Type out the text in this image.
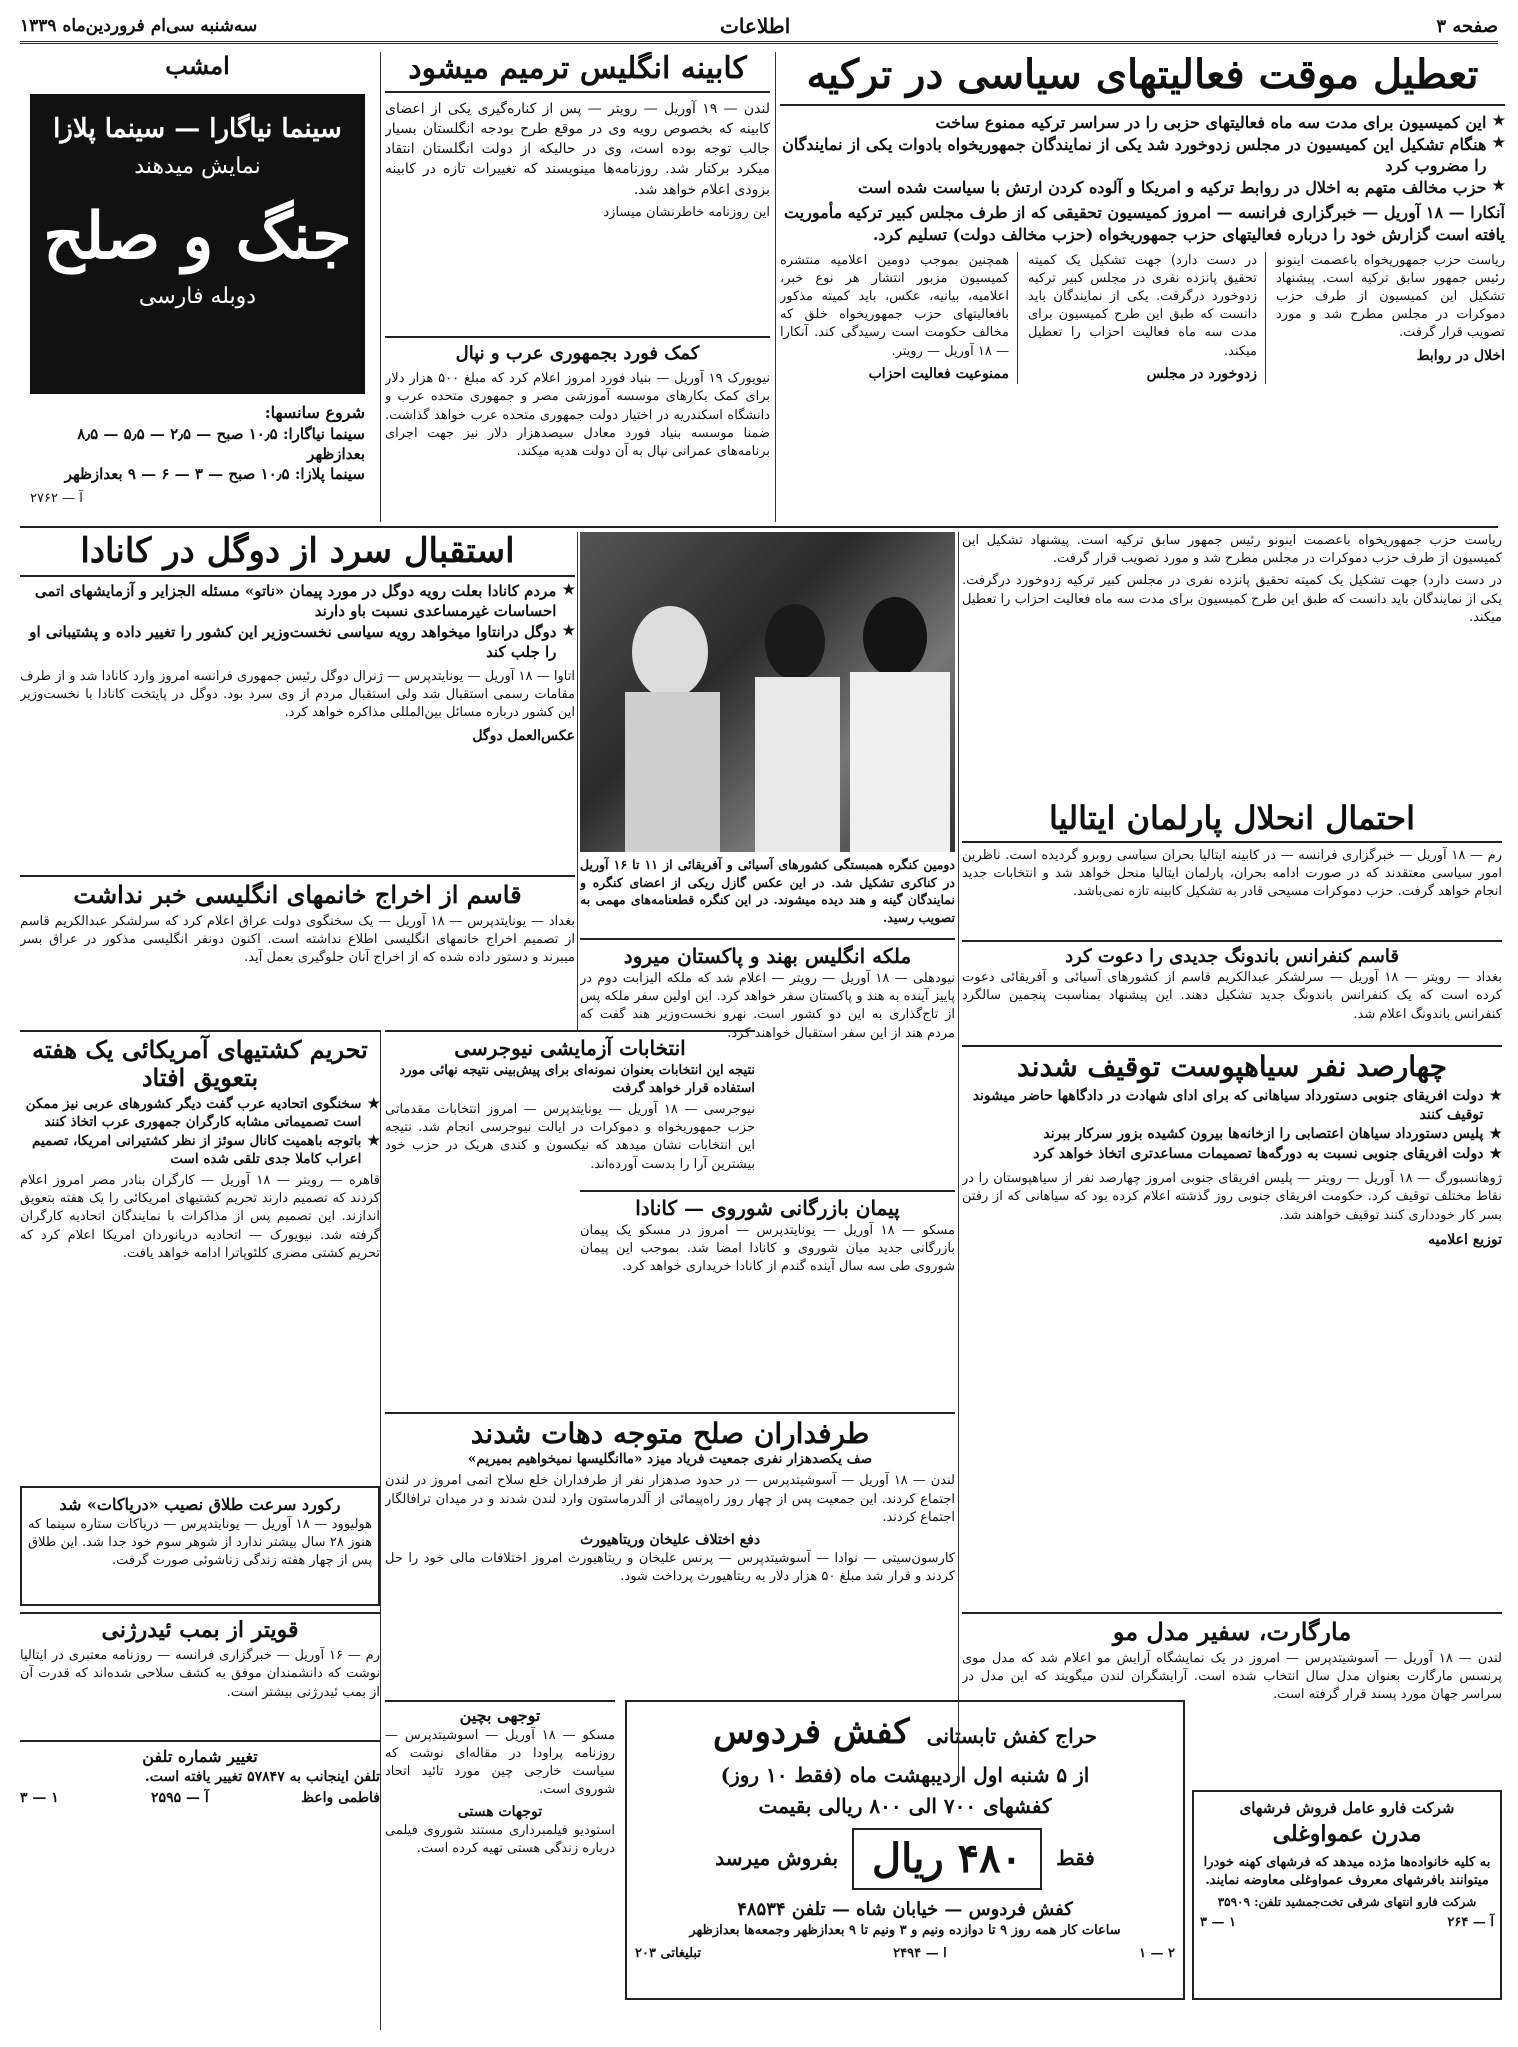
صفحه ۳
اطلاعات
سه‌شنبه سی‌ام فروردین‌ماه ۱۳۳۹
تعطیل موقت فعالیتهای سیاسی در ترکیه
★
این کمیسیون برای مدت سه ماه فعالیتهای حزبی را در سراسر ترکیه ممنوع ساخت
★
هنگام تشکیل این کمیسیون در مجلس زدوخورد شد یکی از نمایندگان جمهوریخواه بادوات یکی از نمایندگان را مضروب کرد
★
حزب مخالف متهم به اخلال در روابط ترکیه و امریکا و آلوده کردن ارتش با سیاست شده است
آنکارا — ۱۸ آوریل — خبرگزاری فرانسه — امروز کمیسیون تحقیقی که از طرف مجلس کبیر ترکیه مأموریت یافته است گزارش خود را درباره فعالیتهای حزب جمهوریخواه (حزب مخالف دولت) تسلیم کرد.
ریاست حزب جمهوریخواه باعصمت اینونو رئیس جمهور سابق ترکیه است. پیشنهاد تشکیل این کمیسیون از طرف حزب دموکرات در مجلس مطرح شد و مورد تصویب قرار گرفت.
اخلال در روابط
در دست دارد) جهت تشکیل یک کمیته تحقیق پانزده نفری در مجلس کبیر ترکیه زدوخورد درگرفت. یکی از نمایندگان باید دانست که طبق این طرح کمیسیون برای مدت سه ماه فعالیت احزاب را تعطیل میکند.
زدوخورد در مجلس
همچنین بموجب دومین اعلامیه منتشره کمیسیون مزبور انتشار هر نوع خبر، اعلامیه، بیانیه، عکس، باید کمیته مذکور بافعالیتهای حزب جمهوریخواه خلق که مخالف حکومت است رسیدگی کند. آنکارا — ۱۸ آوریل — رویتر.
ممنوعیت فعالیت احزاب
کابینه انگلیس ترمیم میشود
لندن — ۱۹ آوریل — رویتر — پس از کناره‌گیری یکی از اعضای کابینه که بخصوص رویه وی در موقع طرح بودجه انگلستان بسیار جالب توجه بوده است، وی در حالیکه از دولت انگلستان انتقاد میکرد برکنار شد. روزنامه‌ها مینویسند که تغییرات تازه در کابینه بزودی اعلام خواهد شد.
این روزنامه خاطرنشان میسازد
کمک فورد بجمهوری عرب و نپال
نیویورک ۱۹ آوریل — بنیاد فورد امروز اعلام کرد که مبلغ ۵۰۰ هزار دلار برای کمک بکارهای موسسه آموزشی مصر و جمهوری متحده عرب و دانشگاه اسکندریه در اختیار دولت جمهوری متحده عرب خواهد گذاشت. ضمنا موسسه بنیاد فورد معادل سیصدهزار دلار نیز جهت اجرای برنامه‌های عمرانی نپال به آن دولت هدیه میکند.
امشب
سینما نیاگارا — سینما پلازا
نمایش میدهند
جنگ و صلح
دوبله فارسی
شروع سانسها:
سینما نیاگارا: ۱۰٫۵ صبح — ۲٫۵ — ۵٫۵ — ۸٫۵ بعدازظهر
سینما پلازا: ۱۰٫۵ صبح — ۳ — ۶ — ۹ بعدازظهر
آ — ۲۷۶۲
استقبال سرد از دوگل در کانادا
★
مردم کانادا بعلت رویه دوگل در مورد پیمان «ناتو» مسئله الجزایر و آزمایشهای اتمی احساسات غیرمساعدی نسبت باو دارند
★
دوگل درانتاوا میخواهد رویه سیاسی نخست‌وزیر این کشور را تغییر داده و پشتیبانی او را جلب کند
اتاوا — ۱۸ آوریل — یونایتدپرس — ژنرال دوگل رئیس جمهوری فرانسه امروز وارد کانادا شد و از طرف مقامات رسمی استقبال شد ولی استقبال مردم از وی سرد بود. دوگل در پایتخت کانادا با نخست‌وزیر این کشور درباره مسائل بین‌المللی مذاکره خواهد کرد.
عکس‌العمل دوگل
دومین کنگره همبستگی کشورهای آسیائی و آفریقائی از ۱۱ تا ۱۶ آوریل در کناکری تشکیل شد. در این عکس گازل ریکی از اعضای کنگره و نمایندگان گینه و هند دیده میشوند. در این کنگره قطعنامه‌های مهمی به تصویب رسید.
احتمال انحلال پارلمان ایتالیا
رم — ۱۸ آوریل — خبرگزاری فرانسه — در کابینه ایتالیا بحران سیاسی روبرو گردیده است. ناظرین امور سیاسی معتقدند که در صورت ادامه بحران، پارلمان ایتالیا منحل خواهد شد و انتخابات جدید انجام خواهد گرفت. حزب دموکرات مسیحی قادر به تشکیل کابینه تازه نمی‌باشد.
ریاست حزب جمهوریخواه باعصمت اینونو رئیس جمهور سابق ترکیه است. پیشنهاد تشکیل این کمیسیون از طرف حزب دموکرات در مجلس مطرح شد و مورد تصویب قرار گرفت.
در دست دارد) جهت تشکیل یک کمیته تحقیق پانزده نفری در مجلس کبیر ترکیه زدوخورد درگرفت. یکی از نمایندگان باید دانست که طبق این طرح کمیسیون برای مدت سه ماه فعالیت احزاب را تعطیل میکند.
قاسم کنفرانس باندونگ جدیدی را دعوت کرد
بغداد — رویتر — ۱۸ آوریل — سرلشکر عبدالکریم قاسم از کشورهای آسیائی و آفریقائی دعوت کرده است که یک کنفرانس باندونگ جدید تشکیل دهند. این پیشنهاد بمناسبت پنجمین سالگرد کنفرانس باندونگ اعلام شد.
قاسم از اخراج خانمهای انگلیسی خبر نداشت
بغداد — یونایتدپرس — ۱۸ آوریل — یک سخنگوی دولت عراق اعلام کرد که سرلشکر عبدالکریم قاسم از تصمیم اخراج خانمهای انگلیسی اطلاع نداشته است. اکنون دونفر انگلیسی مذکور در عراق بسر میبرند و دستور داده شده که از اخراج آنان جلوگیری بعمل آید.	ملکه انگلیس بهند و پاکستان میرود
نیودهلی — ۱۸ آوریل — رویتر — اعلام شد که ملکه الیزابت دوم در پاییز آینده به هند و پاکستان سفر خواهد کرد. این اولین سفر ملکه پس از تاج‌گذاری به این دو کشور است. نهرو نخست‌وزیر هند گفت که مردم هند از این سفر استقبال خواهند کرد.
انتخابات آزمایشی نیوجرسی
نتیجه این انتخابات بعنوان نمونه‌ای برای پیش‌بینی نتیجه نهائی مورد استفاده قرار خواهد گرفت
نیوجرسی — ۱۸ آوریل — یونایتدپرس — امروز انتخابات مقدماتی حزب جمهوریخواه و دموکرات در ایالت نیوجرسی انجام شد. نتیجه این انتخابات نشان میدهد که نیکسون و کندی هریک در حزب خود بیشترین آرا را بدست آورده‌اند.
تحریم کشتیهای آمریکائی یک هفته بتعویق افتاد
★
سخنگوی اتحادیه عرب گفت دیگر کشورهای عربی نیز ممکن است تصمیماتی مشابه کارگران جمهوری عرب اتخاذ کنند
★
باتوجه باهمیت کانال سوئز از نظر کشتیرانی امریکا، تصمیم اعراب کاملا جدی تلقی شده است
قاهره — رویتر — ۱۸ آوریل — کارگران بنادر مصر امروز اعلام کردند که تصمیم دارند تحریم کشتیهای امریکائی را یک هفته بتعویق اندازند. این تصمیم پس از مذاکرات با نمایندگان اتحادیه کارگران گرفته شد. نیویورک — اتحادیه دریانوردان امریکا اعلام کرد که تحریم کشتی مصری کلئوپاترا ادامه خواهد یافت.
چهارصد نفر سیاهپوست توقیف شدند
★
دولت افریقای جنوبی دستورداد سیاهانی که برای ادای شهادت در دادگاهها حاضر میشوند توقیف کنند
★
پلیس دستورداد سیاهان اعتصابی را ازخانه‌ها بیرون کشیده بزور سرکار ببرند
★
دولت افریقای جنوبی نسبت به دورگه‌ها تصمیمات مساعدتری اتخاذ خواهد کرد
ژوهانسبورگ — ۱۸ آوریل — رویتر — پلیس افریقای جنوبی امروز چهارصد نفر از سیاهپوستان را در نقاط مختلف توقیف کرد. حکومت افریقای جنوبی روز گذشته اعلام کرده بود که سیاهانی که از رفتن بسر کار خودداری کنند توقیف خواهند شد.
توزیع اعلامیه
پیمان بازرگانی شوروی — کانادا
مسکو — ۱۸ آوریل — یونایتدپرس — امروز در مسکو یک پیمان بازرگانی جدید میان شوروی و کانادا امضا شد. بموجب این پیمان شوروی طی سه سال آینده گندم از کانادا خریداری خواهد کرد.
طرفداران صلح متوجه دهات شدند
صف یکصدهزار نفری جمعیت فریاد میزد «ماانگلیسها نمیخواهیم بمیریم»
لندن — ۱۸ آوریل — آسوشیتدپرس — در حدود صدهزار نفر از طرفداران خلع سلاح اتمی امروز در لندن اجتماع کردند. این جمعیت پس از چهار روز راه‌پیمائی از آلدرماستون وارد لندن شدند و در میدان ترافالگار اجتماع کردند.
دفع اختلاف علیخان وریتاهیورث
کارسون‌سیتی — نوادا — آسوشیتدپرس — پرنس علیخان و ریتاهیورث امروز اختلافات مالی خود را حل کردند و قرار شد مبلغ ۵۰ هزار دلار به ریتاهیورث پرداخت شود.
مارگارت، سفیر مدل مو
لندن — ۱۸ آوریل — آسوشیتدپرس — امروز در یک نمایشگاه آرایش مو اعلام شد که مدل موی پرنسس مارگارت بعنوان مدل سال انتخاب شده است. آرایشگران لندن میگویند که این مدل در سراسر جهان مورد پسند قرار گرفته است.
رکورد سرعت طلاق نصیب «دریاکات» شد
هولیوود — ۱۸ آوریل — یونایتدپرس — دریاکات ستاره سینما که هنوز ۲۸ سال بیشتر ندارد از شوهر سوم خود جدا شد. این طلاق پس از چهار هفته زندگی زناشوئی صورت گرفت.
قویتر از بمب ئیدرژنی
رم — ۱۶ آوریل — خبرگزاری فرانسه — روزنامه معتبری در ایتالیا نوشت که دانشمندان موفق به کشف سلاحی شده‌اند که قدرت آن از بمب ئیدرژنی بیشتر است.
تغییر شماره تلفن
تلفن اینجانب به ۵۷۸۴۷ تغییر یافته است.
فاطمی واعظ
آ — ۲۵۹۵
۱ — ۳
توجهی بچین
مسکو — ۱۸ آوریل — اسوشیتدپرس — روزنامه پراودا در مقاله‌ای نوشت که سیاست خارجی چین مورد تائید اتحاد شوروی است.
توجهات هستی
استودیو فیلمبرداری مستند شوروی فیلمی درباره زندگی هستی تهیه کرده است.
حراج کفش تابستانی کفش فردوس
از ۵ شنبه اول اردیبهشت ماه (فقط ۱۰ روز)
کفشهای ۷۰۰ الی ۸۰۰ ریالی بقیمت
فقط
۴۸۰ ریال
بفروش میرسد
کفش فردوس — خیابان شاه — تلفن ۴۸۵۳۴
ساعات کار همه روز ۹ تا دوازده ونیم و ۳ ونیم تا ۹ بعدازظهر وجمعه‌ها بعدازظهر
۲ — ۱
ا — ۲۴۹۴
تبلیغاتی ۲۰۳
شرکت فارو عامل فروش فرشهای
مدرن عمواوغلی
به کلیه خانواده‌ها مژده میدهد که فرشهای کهنه خودرا میتوانند بافرشهای معروف عمواوغلی معاوضه نمایند.
شرکت فارو انتهای شرقی تخت‌جمشید تلفن: ۳۵۹۰۹
آ — ۲۶۴
۱ — ۳
